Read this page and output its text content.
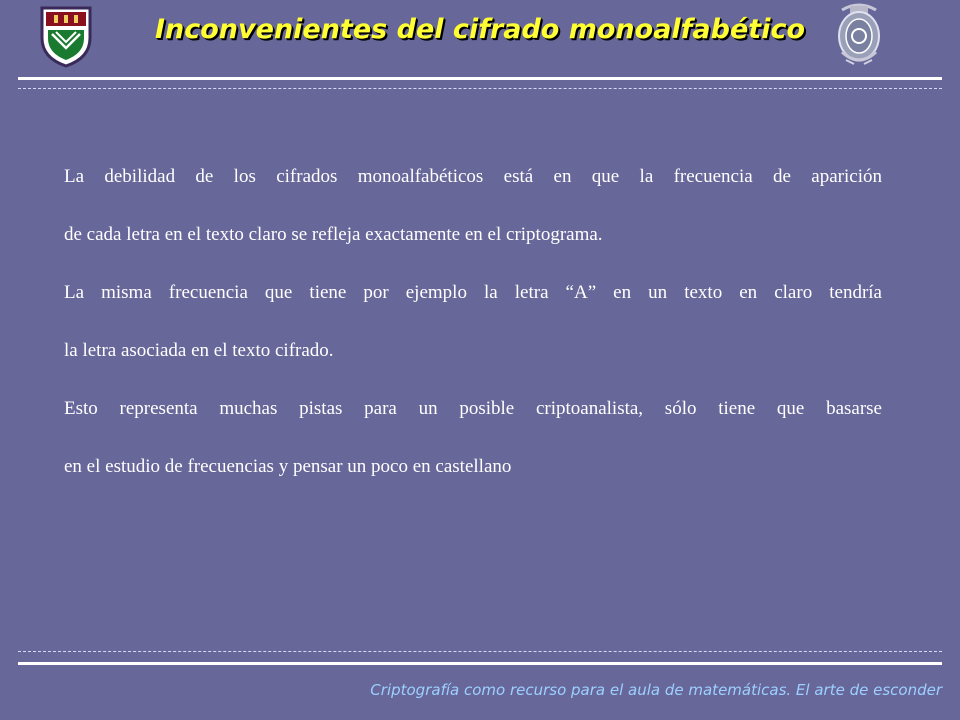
Inconvenientes del cifrado monoalfabético

La debilidad de los cifrados monoalfabéticos está en que la frecuencia de aparición
de cada letra en el texto claro se refleja exactamente en el criptograma.

La misma frecuencia que tiene por ejemplo la letra “A” en un texto en claro tendría
la letra asociada en el texto cifrado.

Esto representa muchas pistas para un posible criptoanalista, sólo tiene que basarse
en el estudio de frecuencias y pensar un poco en castellano

Criptografía como recurso para el aula de matemáticas. El arte de esconder
